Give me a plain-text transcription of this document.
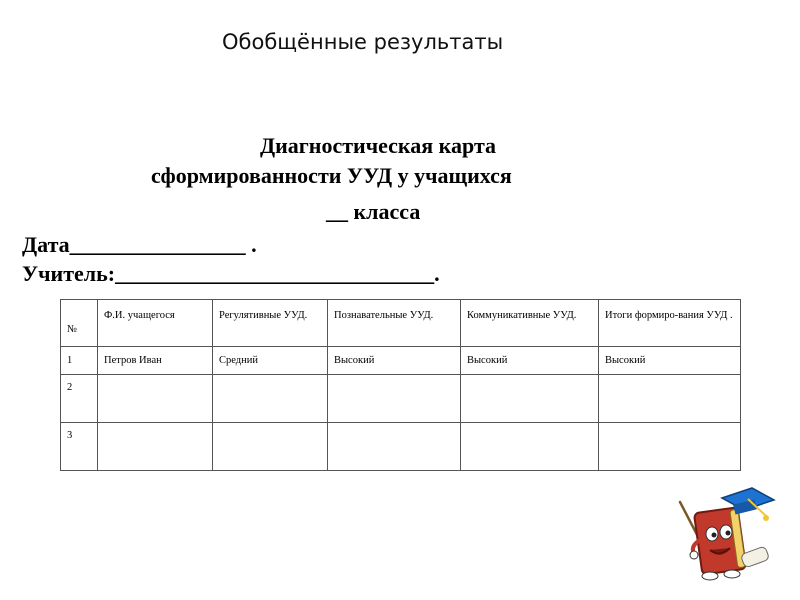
Обобщённые результаты
Диагностическая карта
сформированности УУД у учащихся
__ класса
Дата________________ .
Учитель:_____________________________.
№	Ф.И. учащегося	Регулятивные УУД.	Познавательные УУД.	Коммуникативные УУД.	Итоги формиро-вания УУД .
1	Петров Иван	Средний	Высокий	Высокий	Высокий
2					
3					
